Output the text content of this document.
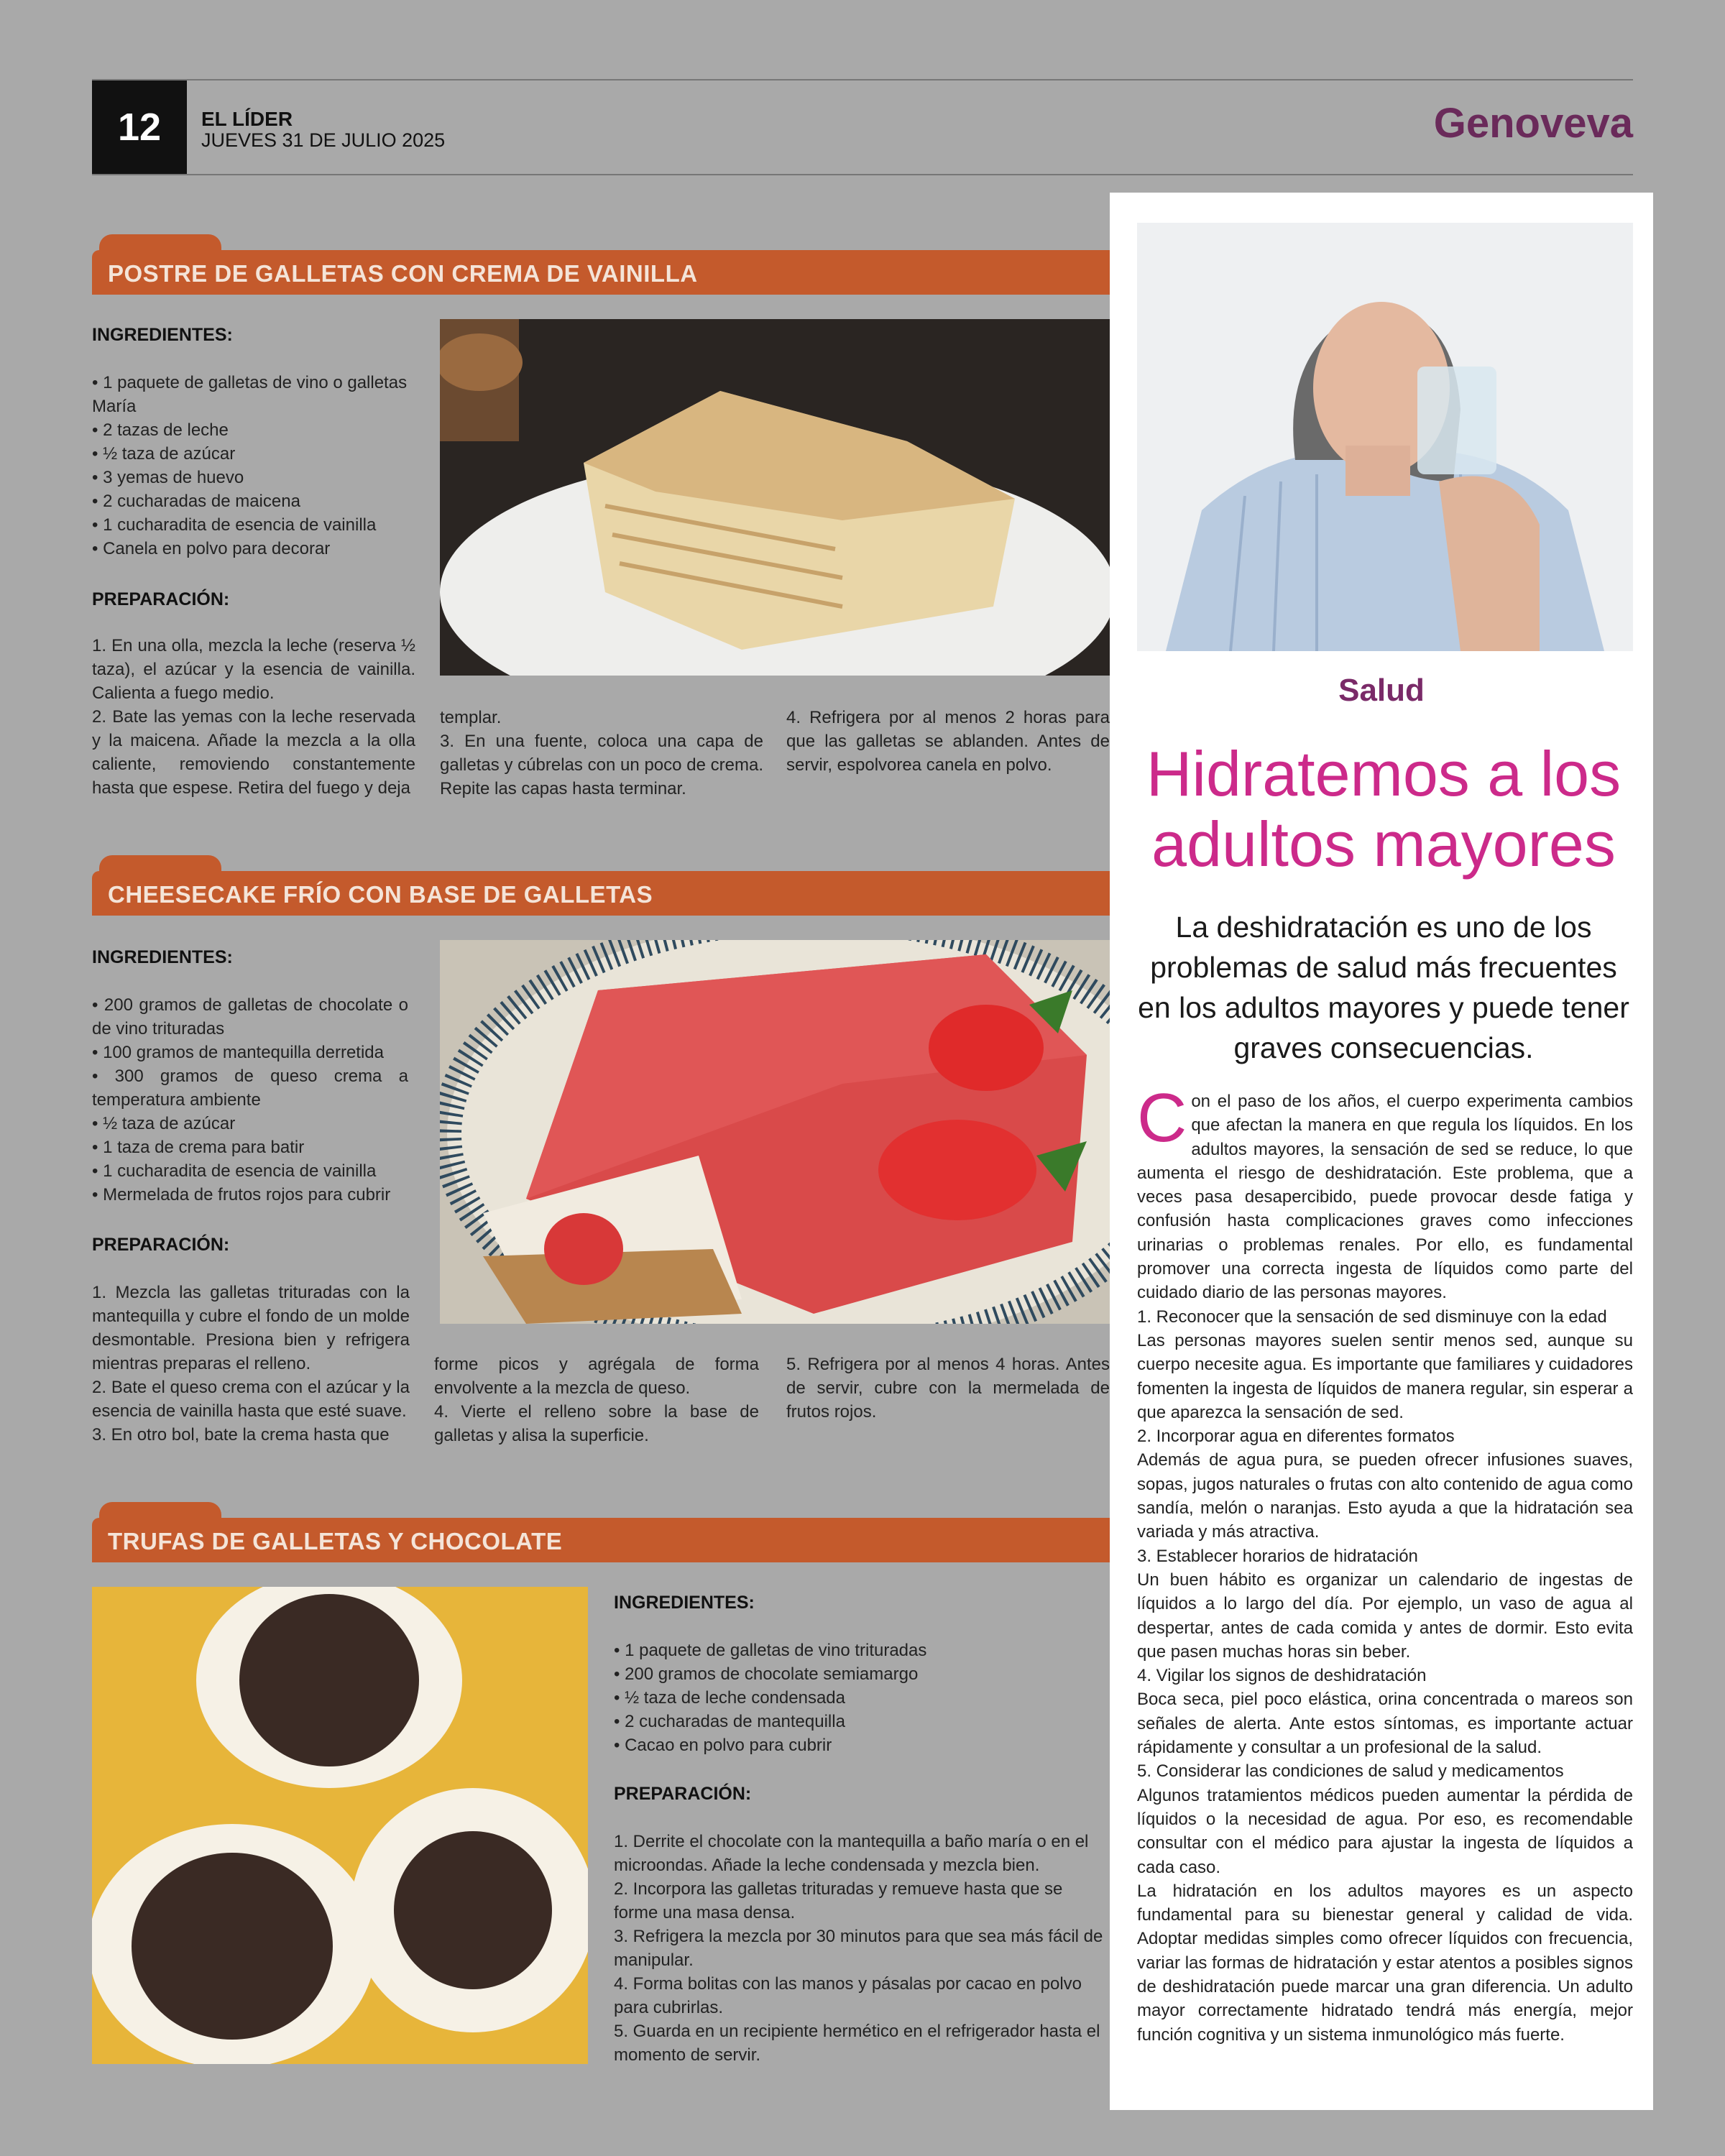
12	EL LÍDER
JUEVES 31 DE JULIO 2025	Genoveva
POSTRE DE GALLETAS CON CREMA DE VAINILLA
INGREDIENTES:
• 1 paquete de galletas de vino o galletas María
• 2 tazas de leche
• ½ taza de azúcar
• 3 yemas de huevo
• 2 cucharadas de maicena
• 1 cucharadita de esencia de vainilla
• Canela en polvo para decorar
PREPARACIÓN:
1. En una olla, mezcla la leche (reserva ½ taza), el azúcar y la esencia de vainilla. Calienta a fuego medio.
2. Bate las yemas con la leche reservada y la maicena. Añade la mezcla a la olla caliente, removiendo constantemente hasta que espese. Retira del fuego y deja
templar.
3. En una fuente, coloca una capa de galletas y cúbrelas con un poco de crema. Repite las capas hasta terminar.
4. Refrigera por al menos 2 horas para que las galletas se ablanden. Antes de servir, espolvorea canela en polvo.
CHEESECAKE FRÍO CON BASE DE GALLETAS
INGREDIENTES:
• 200 gramos de galletas de chocolate o de vino trituradas
• 100 gramos de mantequilla derretida
• 300 gramos de queso crema a temperatura ambiente
• ½ taza de azúcar
• 1 taza de crema para batir
• 1 cucharadita de esencia de vainilla
• Mermelada de frutos rojos para cubrir
PREPARACIÓN:
1. Mezcla las galletas trituradas con la mantequilla y cubre el fondo de un molde desmontable. Presiona bien y refrigera mientras preparas el relleno.
2. Bate el queso crema con el azúcar y la esencia de vainilla hasta que esté suave.
3. En otro bol, bate la crema hasta que
forme picos y agrégala de forma envolvente a la mezcla de queso.
4. Vierte el relleno sobre la base de galletas y alisa la superficie.
5. Refrigera por al menos 4 horas. Antes de servir, cubre con la mermelada de frutos rojos.
TRUFAS DE GALLETAS Y CHOCOLATE
INGREDIENTES:
• 1 paquete de galletas de vino trituradas
• 200 gramos de chocolate semiamargo
• ½ taza de leche condensada
• 2 cucharadas de mantequilla
• Cacao en polvo para cubrir
PREPARACIÓN:
1. Derrite el chocolate con la mantequilla a baño maría o en el microondas. Añade la leche condensada y mezcla bien.
2. Incorpora las galletas trituradas y remueve hasta que se forme una masa densa.
3. Refrigera la mezcla por 30 minutos para que sea más fácil de manipular.
4. Forma bolitas con las manos y pásalas por cacao en polvo para cubrirlas.
5. Guarda en un recipiente hermético en el refrigerador hasta el momento de servir.
Salud
Hidratemos a los adultos mayores
La deshidratación es uno de los problemas de salud más frecuentes en los adultos mayores y puede tener graves consecuencias.

Con el paso de los años, el cuerpo experimenta cambios que afectan la manera en que regula los líquidos. En los adultos mayores, la sensación de sed se reduce, lo que aumenta el riesgo de deshidratación. Este problema, que a veces pasa desapercibido, puede provocar desde fatiga y confusión hasta complicaciones graves como infecciones urinarias o problemas renales. Por ello, es fundamental promover una correcta ingesta de líquidos como parte del cuidado diario de las personas mayores.

1. Reconocer que la sensación de sed disminuye con la edad

Las personas mayores suelen sentir menos sed, aunque su cuerpo necesite agua. Es importante que familiares y cuidadores fomenten la ingesta de líquidos de manera regular, sin esperar a que aparezca la sensación de sed.

2. Incorporar agua en diferentes formatos

Además de agua pura, se pueden ofrecer infusiones suaves, sopas, jugos naturales o frutas con alto contenido de agua como sandía, melón o naranjas. Esto ayuda a que la hidratación sea variada y más atractiva.

3. Establecer horarios de hidratación

Un buen hábito es organizar un calendario de ingestas de líquidos a lo largo del día. Por ejemplo, un vaso de agua al despertar, antes de cada comida y antes de dormir. Esto evita que pasen muchas horas sin beber.

4. Vigilar los signos de deshidratación

Boca seca, piel poco elástica, orina concentrada o mareos son señales de alerta. Ante estos síntomas, es importante actuar rápidamente y consultar a un profesional de la salud.

5. Considerar las condiciones de salud y medicamentos

Algunos tratamientos médicos pueden aumentar la pérdida de líquidos o la necesidad de agua. Por eso, es recomendable consultar con el médico para ajustar la ingesta de líquidos a cada caso.

La hidratación en los adultos mayores es un aspecto fundamental para su bienestar general y calidad de vida. Adoptar medidas simples como ofrecer líquidos con frecuencia, variar las formas de hidratación y estar atentos a posibles signos de deshidratación puede marcar una gran diferencia. Un adulto mayor correctamente hidratado tendrá más energía, mejor función cognitiva y un sistema inmunológico más fuerte.
